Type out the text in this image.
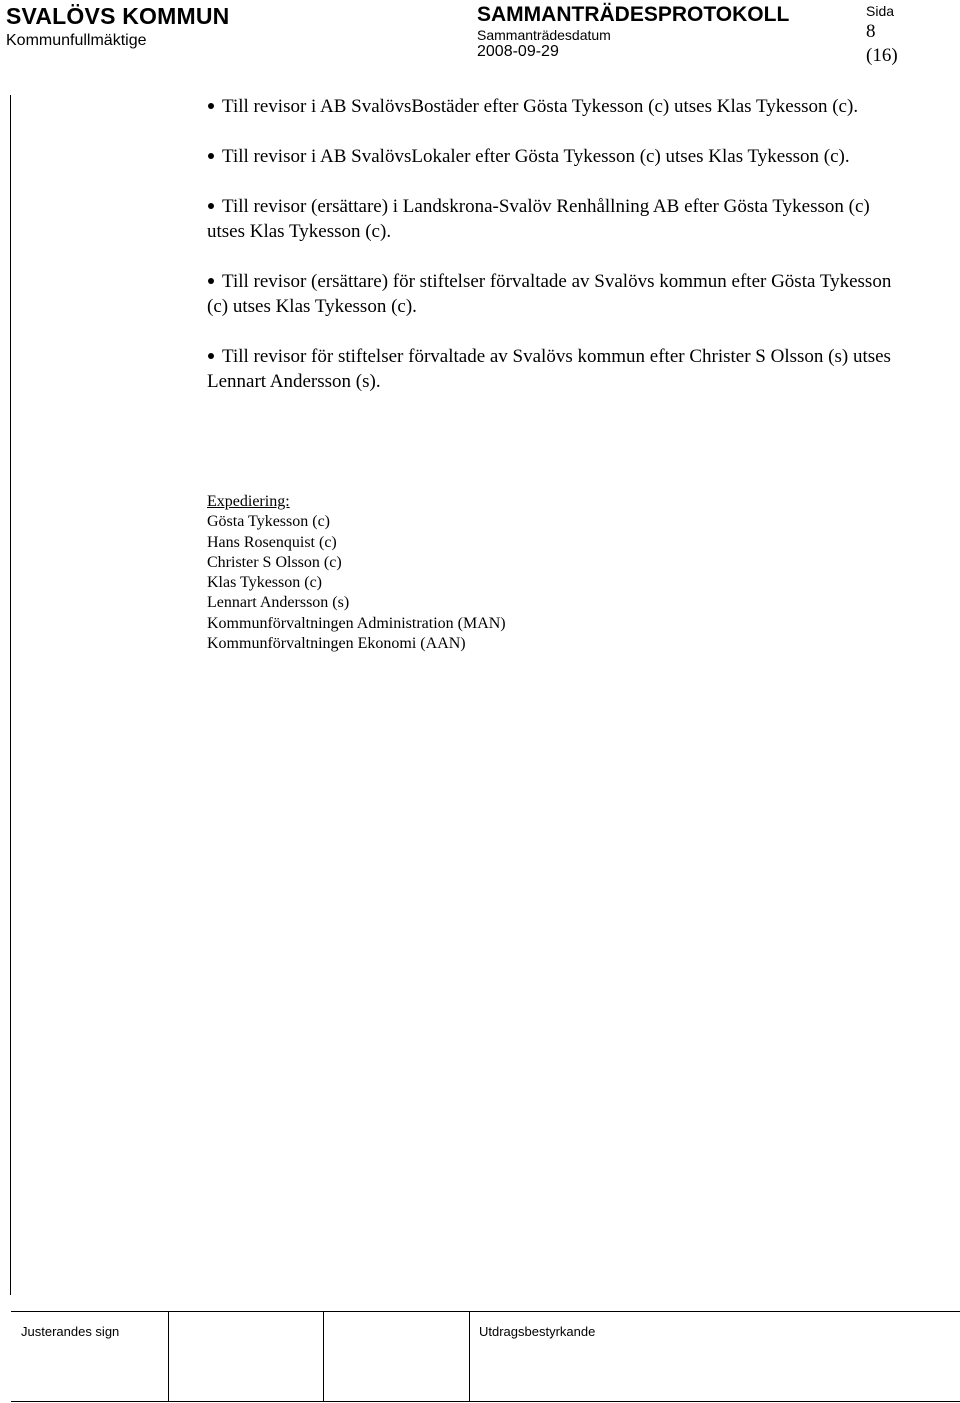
SVALÖVS KOMMUN
Kommunfullmäktige
SAMMANTRÄDESPROTOKOLL
Sammanträdesdatum
2008-09-29
Sida
8
(16)
Till revisor i AB SvalövsBostäder efter Gösta Tykesson (c) utses Klas Tykesson (c).
Till revisor i AB SvalövsLokaler efter Gösta Tykesson (c) utses Klas Tykesson (c).
Till revisor (ersättare) i Landskrona-Svalöv Renhållning AB efter Gösta Tykesson (c) utses Klas Tykesson (c).
Till revisor (ersättare) för stiftelser förvaltade av Svalövs kommun efter Gösta Tykesson (c) utses Klas Tykesson (c).
Till revisor för stiftelser förvaltade av Svalövs kommun efter Christer S Olsson (s) utses Lennart Andersson (s).
Expediering:
Gösta Tykesson (c)
Hans Rosenquist (c)
Christer S Olsson (c)
Klas Tykesson (c)
Lennart Andersson (s)
Kommunförvaltningen Administration (MAN)
Kommunförvaltningen Ekonomi (AAN)
Justerandes sign	Utdragsbestyrkande
